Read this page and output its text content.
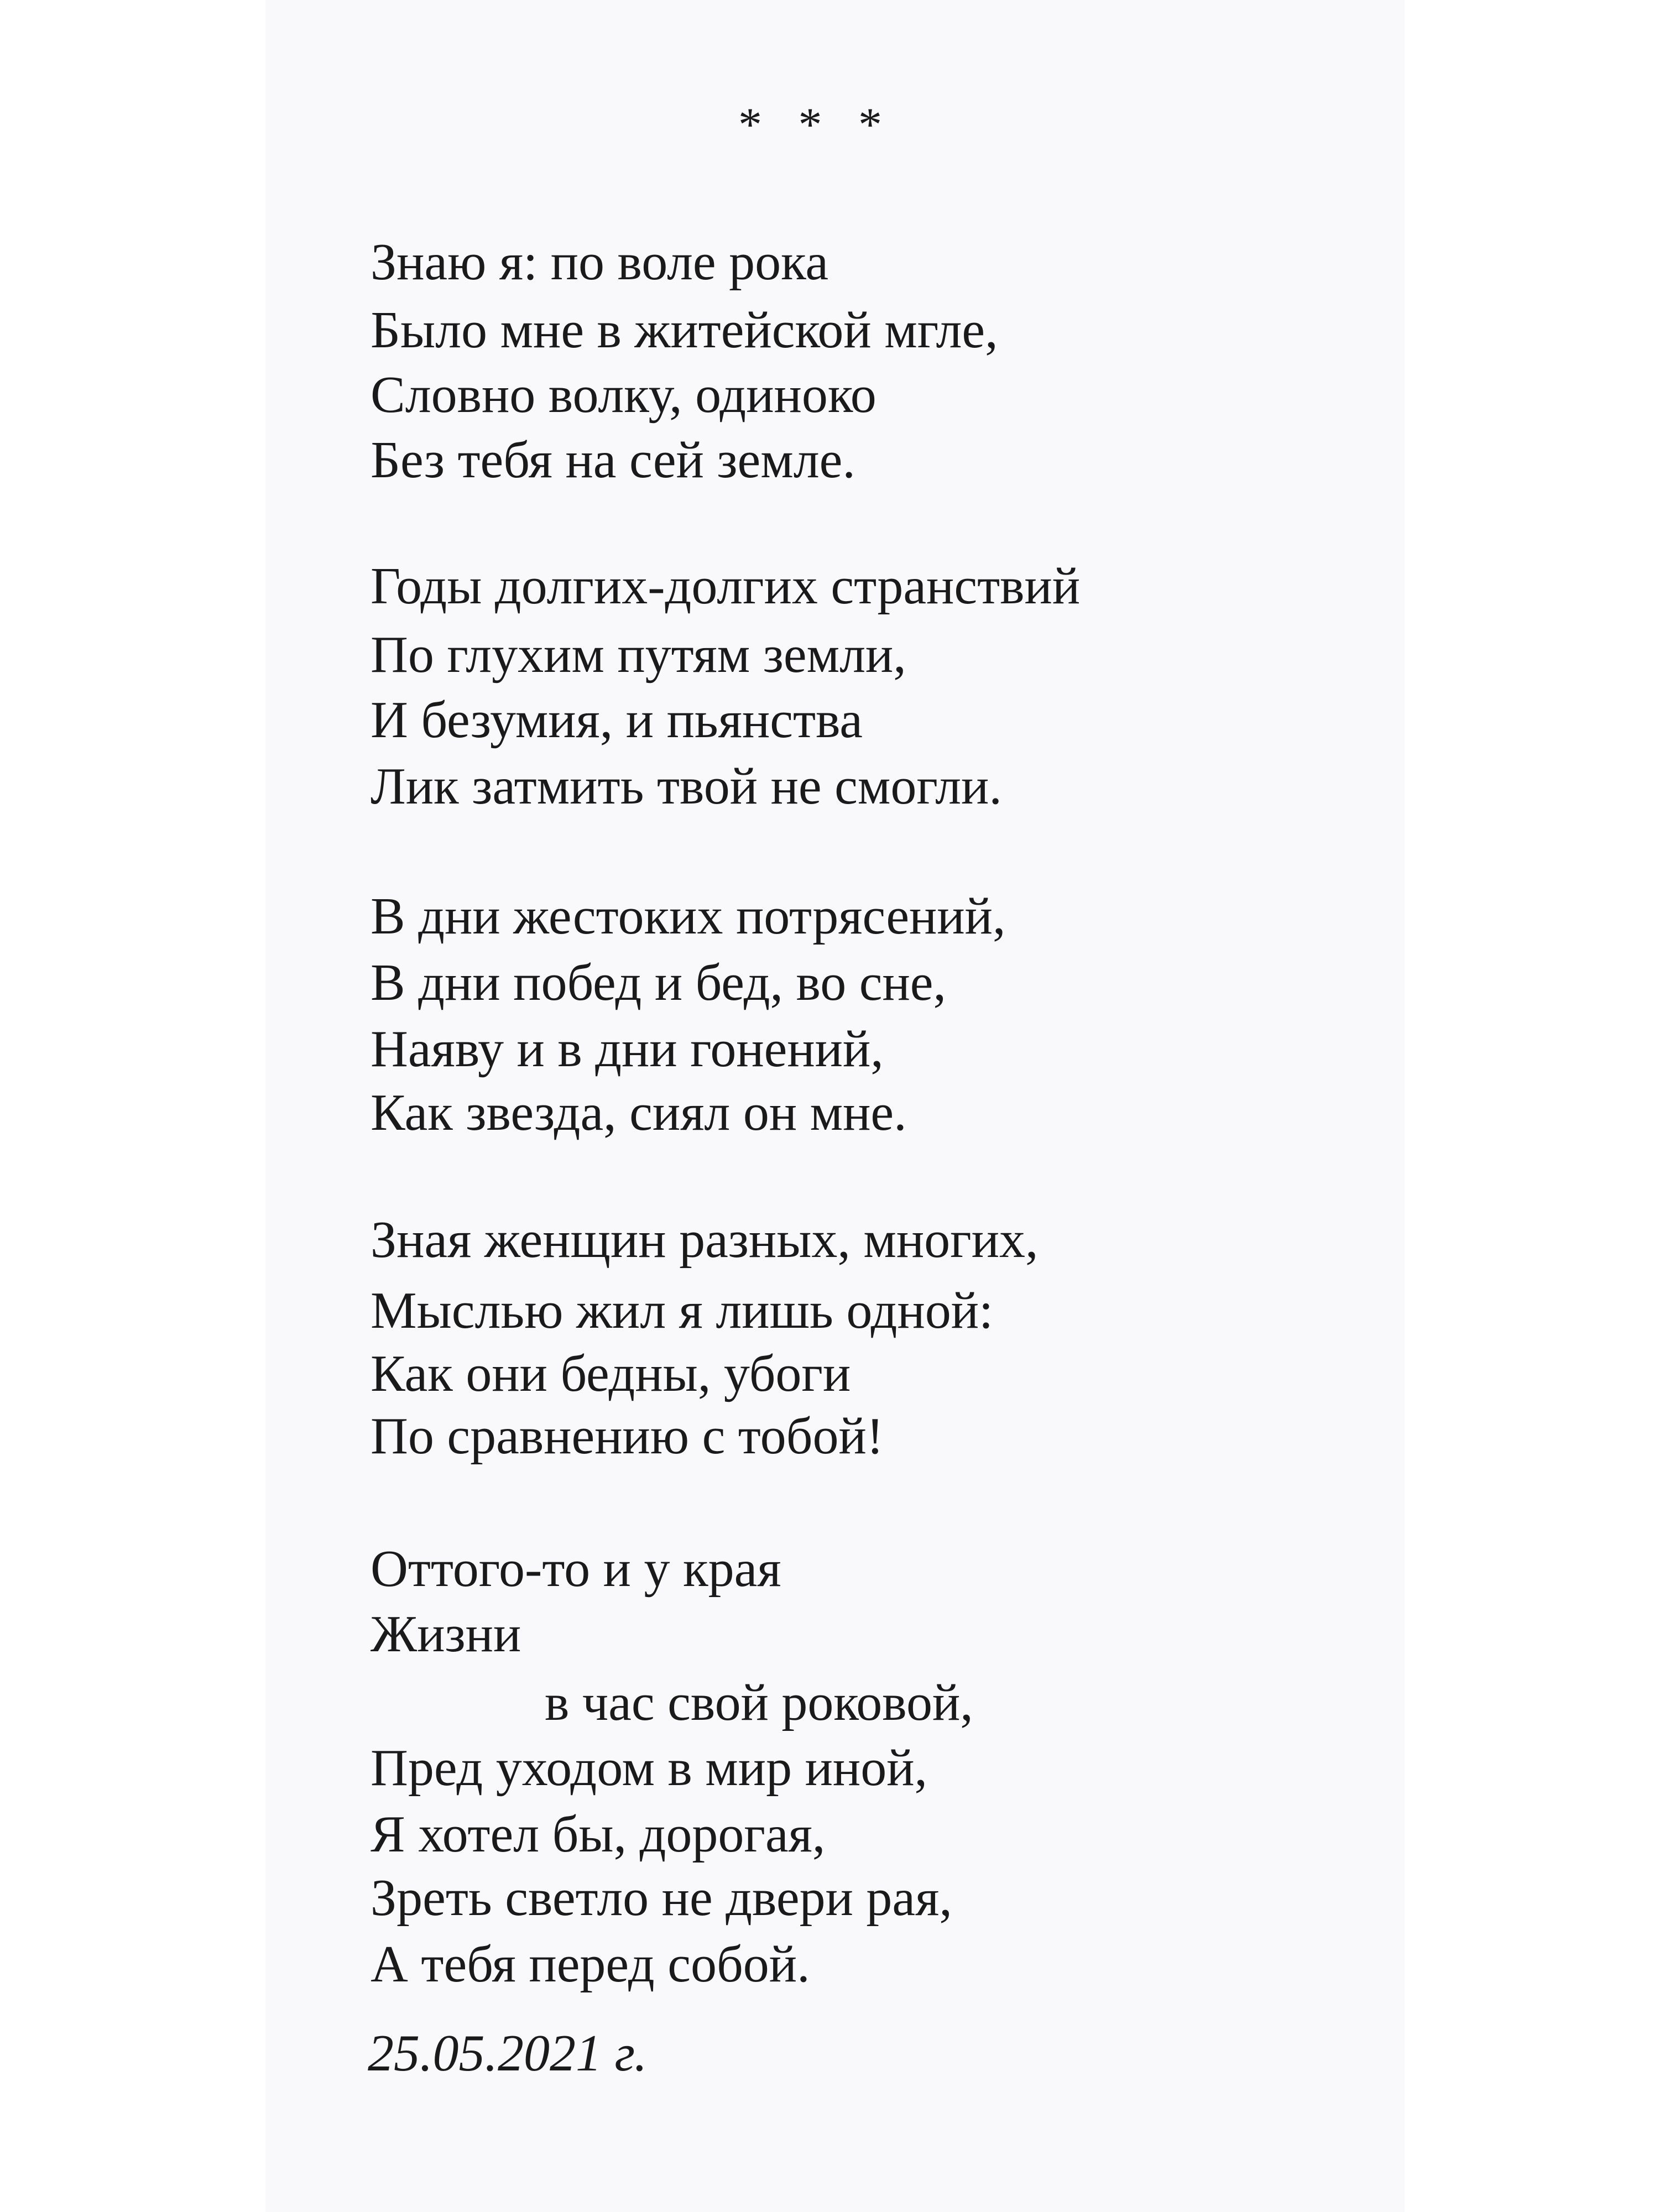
* * *
Знаю я: по воле рока
Было мне в житейской мгле,
Словно волку, одиноко
Без тебя на сей земле.
Годы долгих-долгих странствий
По глухим путям земли,
И безумия, и пьянства
Лик затмить твой не смогли.
В дни жестоких потрясений,
В дни побед и бед, во сне,
Наяву и в дни гонений,
Как звезда, сиял он мне.
Зная женщин разных, многих,
Мыслью жил я лишь одной:
Как они бедны, убоги
По сравнению с тобой!
Оттого-то и у края
Жизни
в час свой роковой,
Пред уходом в мир иной,
Я хотел бы, дорогая,
Зреть светло не двери рая,
А тебя перед собой.
25.05.2021 г.
